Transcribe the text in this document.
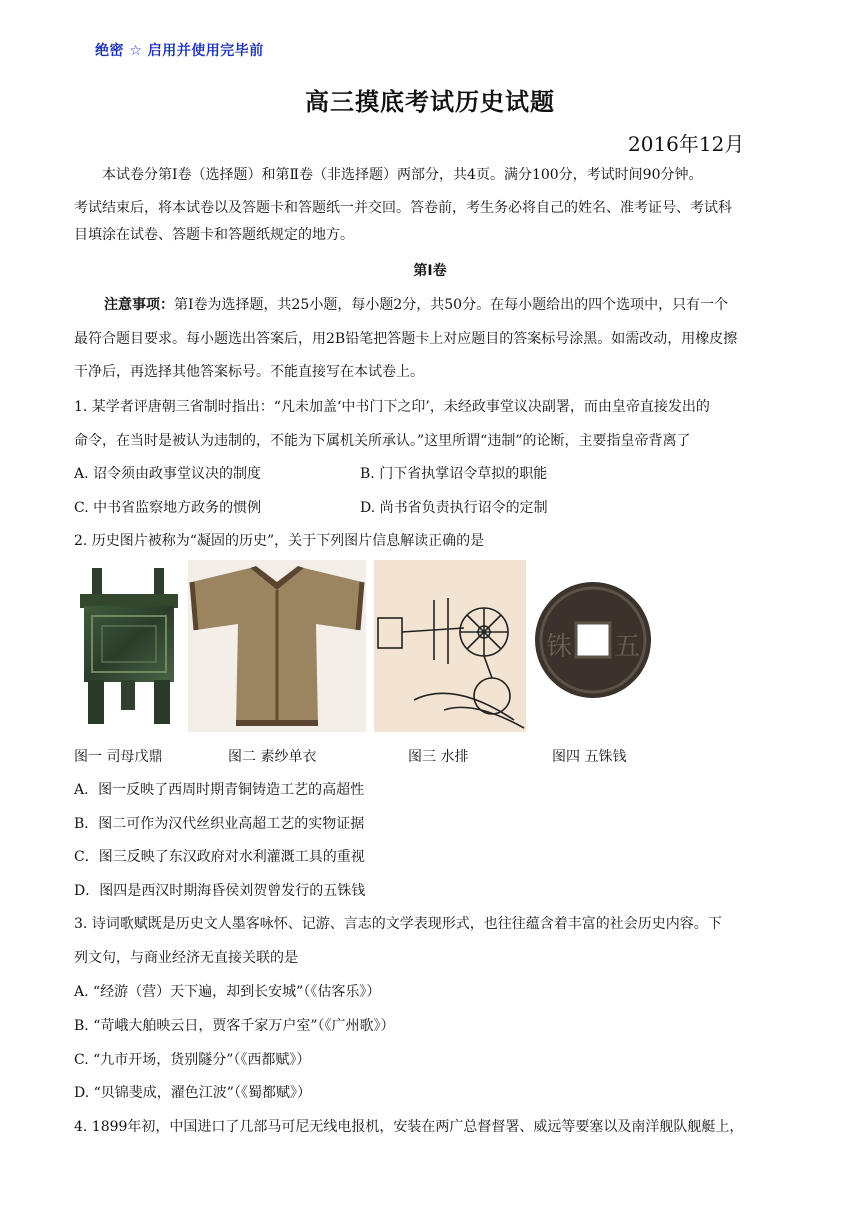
绝密 ☆ 启用并使用完毕前
高三摸底考试历史试题
2016年12月
本试卷分第Ⅰ卷（选择题）和第Ⅱ卷（非选择题）两部分，共4页。满分100分，考试时间90分钟。
考试结束后，将本试卷以及答题卡和答题纸一并交回。答卷前，考生务必将自己的姓名、准考证号、考试科
目填涂在试卷、答题卡和答题纸规定的地方。
第Ⅰ卷
注意事项：第Ⅰ卷为选择题，共25小题，每小题2分，共50分。在每小题给出的四个选项中，只有一个
最符合题目要求。每小题选出答案后，用2B铅笔把答题卡上对应题目的答案标号涂黑。如需改动，用橡皮擦
干净后，再选择其他答案标号。不能直接写在本试卷上。
1. 某学者评唐朝三省制时指出：“凡未加盖‘中书门下之印’，未经政事堂议决副署，而由皇帝直接发出的
命令，在当时是被认为违制的，不能为下属机关所承认。”这里所谓“违制”的论断，主要指皇帝背离了
A. 诏令须由政事堂议决的制度	B. 门下省执掌诏令草拟的职能
C. 中书省监察地方政务的惯例	D. 尚书省负责执行诏令的定制
2. 历史图片被称为“凝固的历史”，关于下列图片信息解读正确的是
铢 五
图一 司母戊鼎	图二 素纱单衣	图三 水排	图四 五铢钱
A．图一反映了西周时期青铜铸造工艺的高超性
B．图二可作为汉代丝织业高超工艺的实物证据
C．图三反映了东汉政府对水利灌溉工具的重视
D．图四是西汉时期海昏侯刘贺曾发行的五铢钱
3. 诗词歌赋既是历史文人墨客咏怀、记游、言志的文学表现形式，也往往蕴含着丰富的社会历史内容。下
列文句，与商业经济无直接关联的是
A. “经游（营）天下遍，却到长安城”（《估客乐》）
B. “苛峨大舶映云日，贾客千家万户室”（《广州歌》）
C. “九市开场，货别隧分”（《西都赋》）
D. “贝锦斐成，濯色江波”（《蜀都赋》）
4. 1899年初，中国进口了几部马可尼无线电报机，安装在两广总督督署、威远等要塞以及南洋舰队舰艇上，
